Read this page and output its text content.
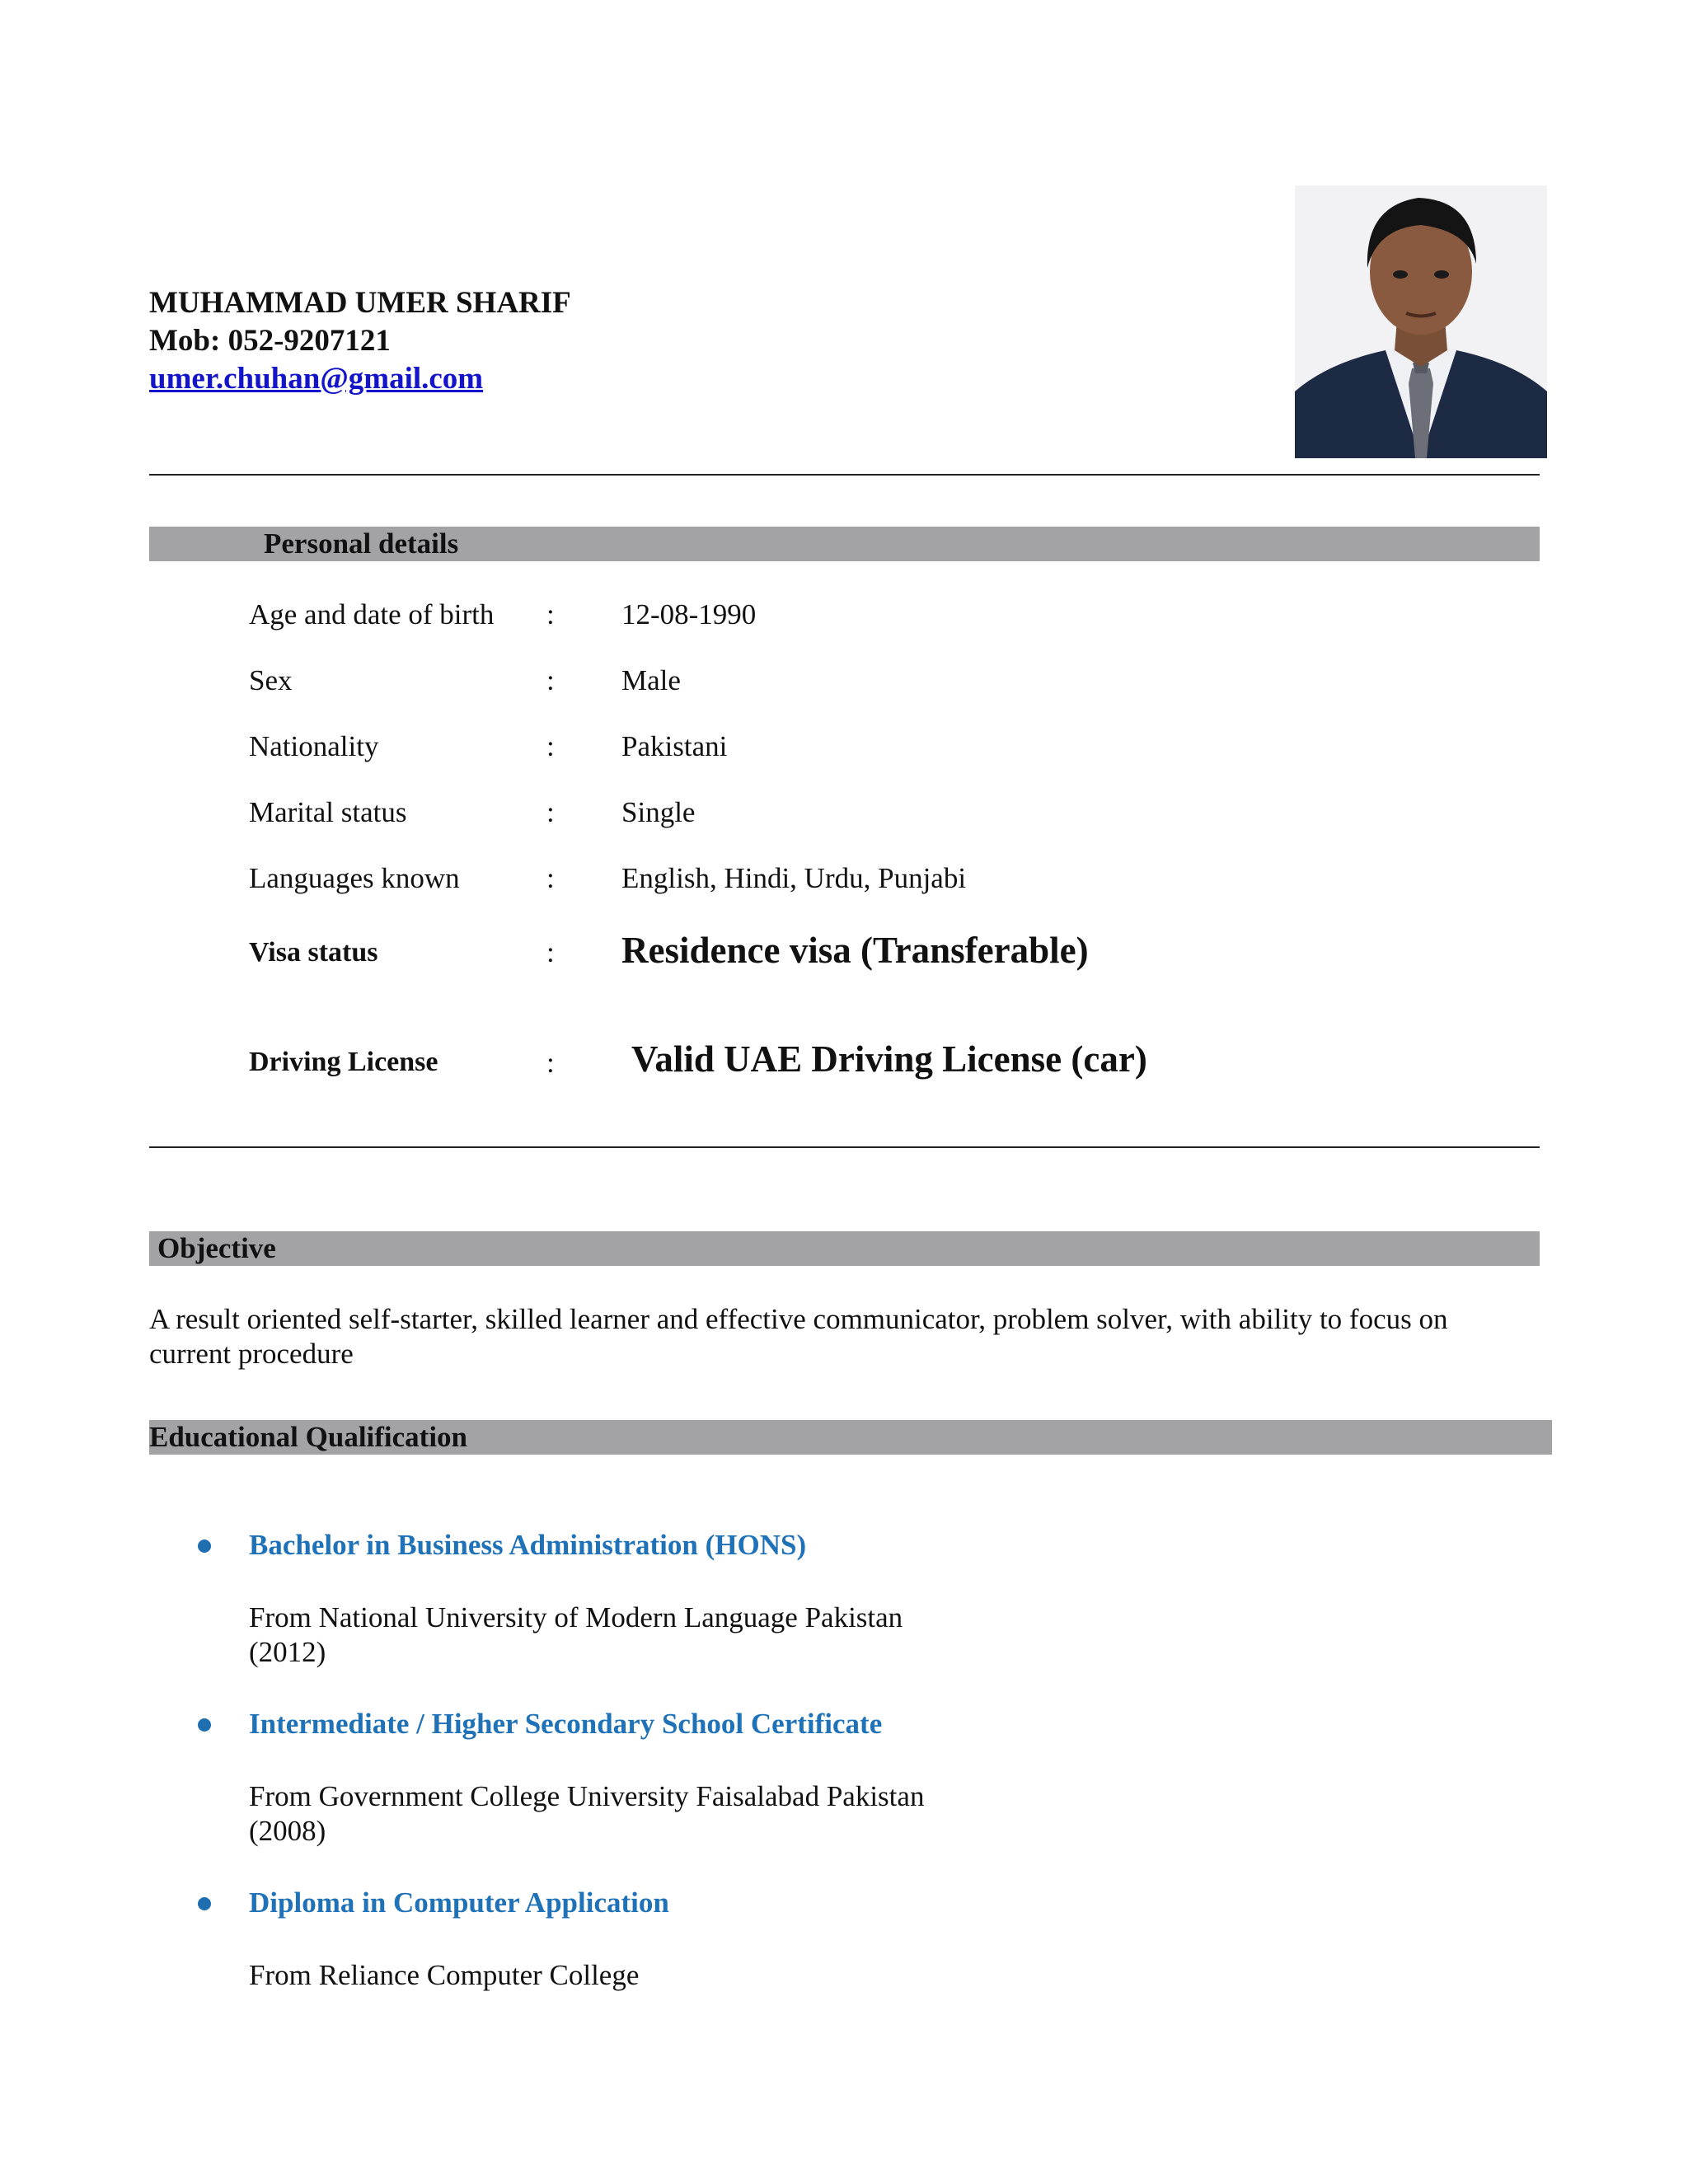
MUHAMMAD UMER SHARIF
Mob: 052-9207121
umer.chuhan@gmail.com
Personal details
Age and date of birth : 12-08-1990
Sex	: Male
Nationality	: Pakistani
Marital status	: Single
Languages known	: English, Hindi, Urdu, Punjabi
Visa status	: Residence visa (Transferable)
Driving License	: Valid UAE Driving License (car)
Objective
A result oriented self-starter, skilled learner and effective communicator, problem solver, with ability to focus on
current procedure
Educational Qualification
Bachelor in Business Administration (HONS)
From National University of Modern Language Pakistan
(2012)
Intermediate / Higher Secondary School Certificate
From Government College University Faisalabad Pakistan
(2008)
Diploma in Computer Application
From Reliance Computer College
